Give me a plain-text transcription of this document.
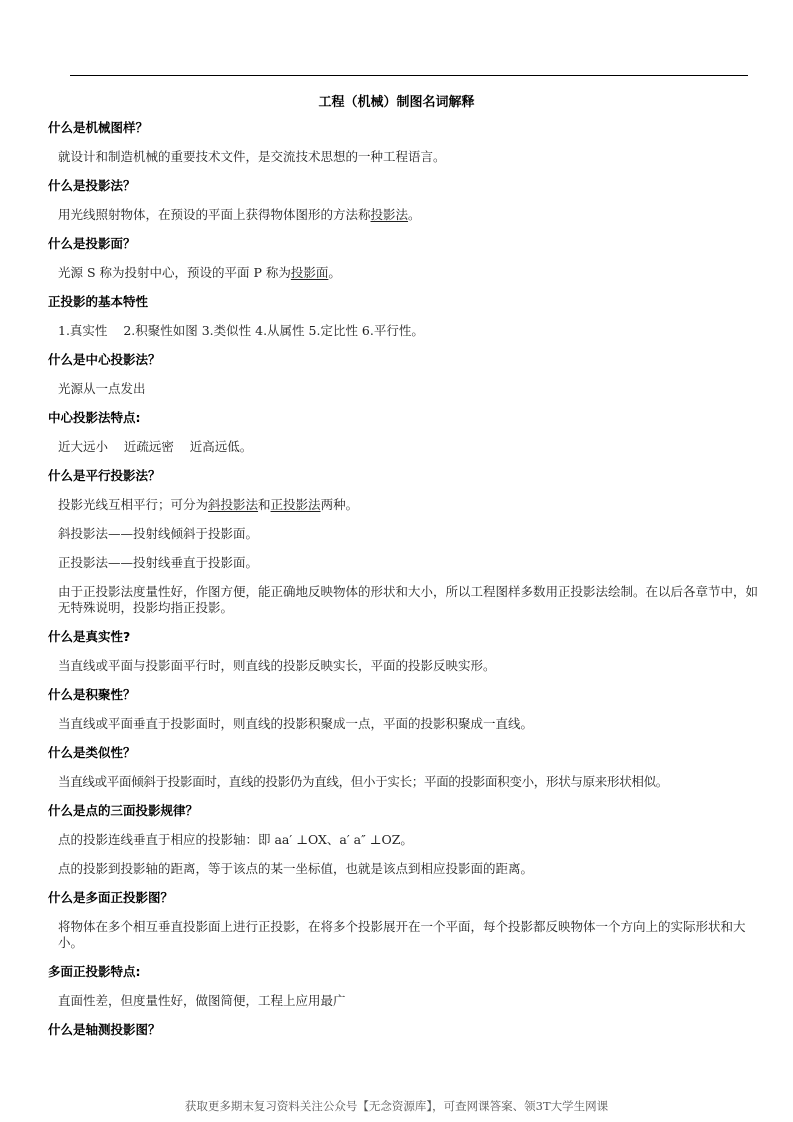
工程（机械）制图名词解释
什么是机械图样？
就设计和制造机械的重要技术文件，是交流技术思想的一种工程语言。
什么是投影法？
用光线照射物体，在预设的平面上获得物体图形的方法称投影法。
什么是投影面？
光源 S 称为投射中心，预设的平面 P 称为投影面。
正投影的基本特性
1.真实性    2.积聚性如图 3.类似性 4.从属性 5.定比性 6.平行性。
什么是中心投影法？
光源从一点发出
中心投影法特点:
近大远小    近疏远密    近高远低。
什么是平行投影法？
投影光线互相平行；可分为斜投影法和正投影法两种。
斜投影法——投射线倾斜于投影面。
正投影法——投射线垂直于投影面。
由于正投影法度量性好，作图方便，能正确地反映物体的形状和大小，所以工程图样多数用正投影法绘制。在以后各章节中，如无特殊说明，投影均指正投影。
什么是真实性?
当直线或平面与投影面平行时，则直线的投影反映实长，平面的投影反映实形。
什么是积聚性？
当直线或平面垂直于投影面时，则直线的投影积聚成一点，平面的投影积聚成一直线。
什么是类似性？
当直线或平面倾斜于投影面时，直线的投影仍为直线，但小于实长；平面的投影面积变小，形状与原来形状相似。
什么是点的三面投影规律？
点的投影连线垂直于相应的投影轴：即 aa′ ⊥OX、a′ a″ ⊥OZ。
点的投影到投影轴的距离，等于该点的某一坐标值，也就是该点到相应投影面的距离。
什么是多面正投影图？
将物体在多个相互垂直投影面上进行正投影，在将多个投影展开在一个平面，每个投影都反映物体一个方向上的实际形状和大小。
多面正投影特点:
直面性差，但度量性好，做图简便，工程上应用最广
什么是轴测投影图？
获取更多期末复习资料关注公众号【无念资源库】，可查网课答案、领3T大学生网课
